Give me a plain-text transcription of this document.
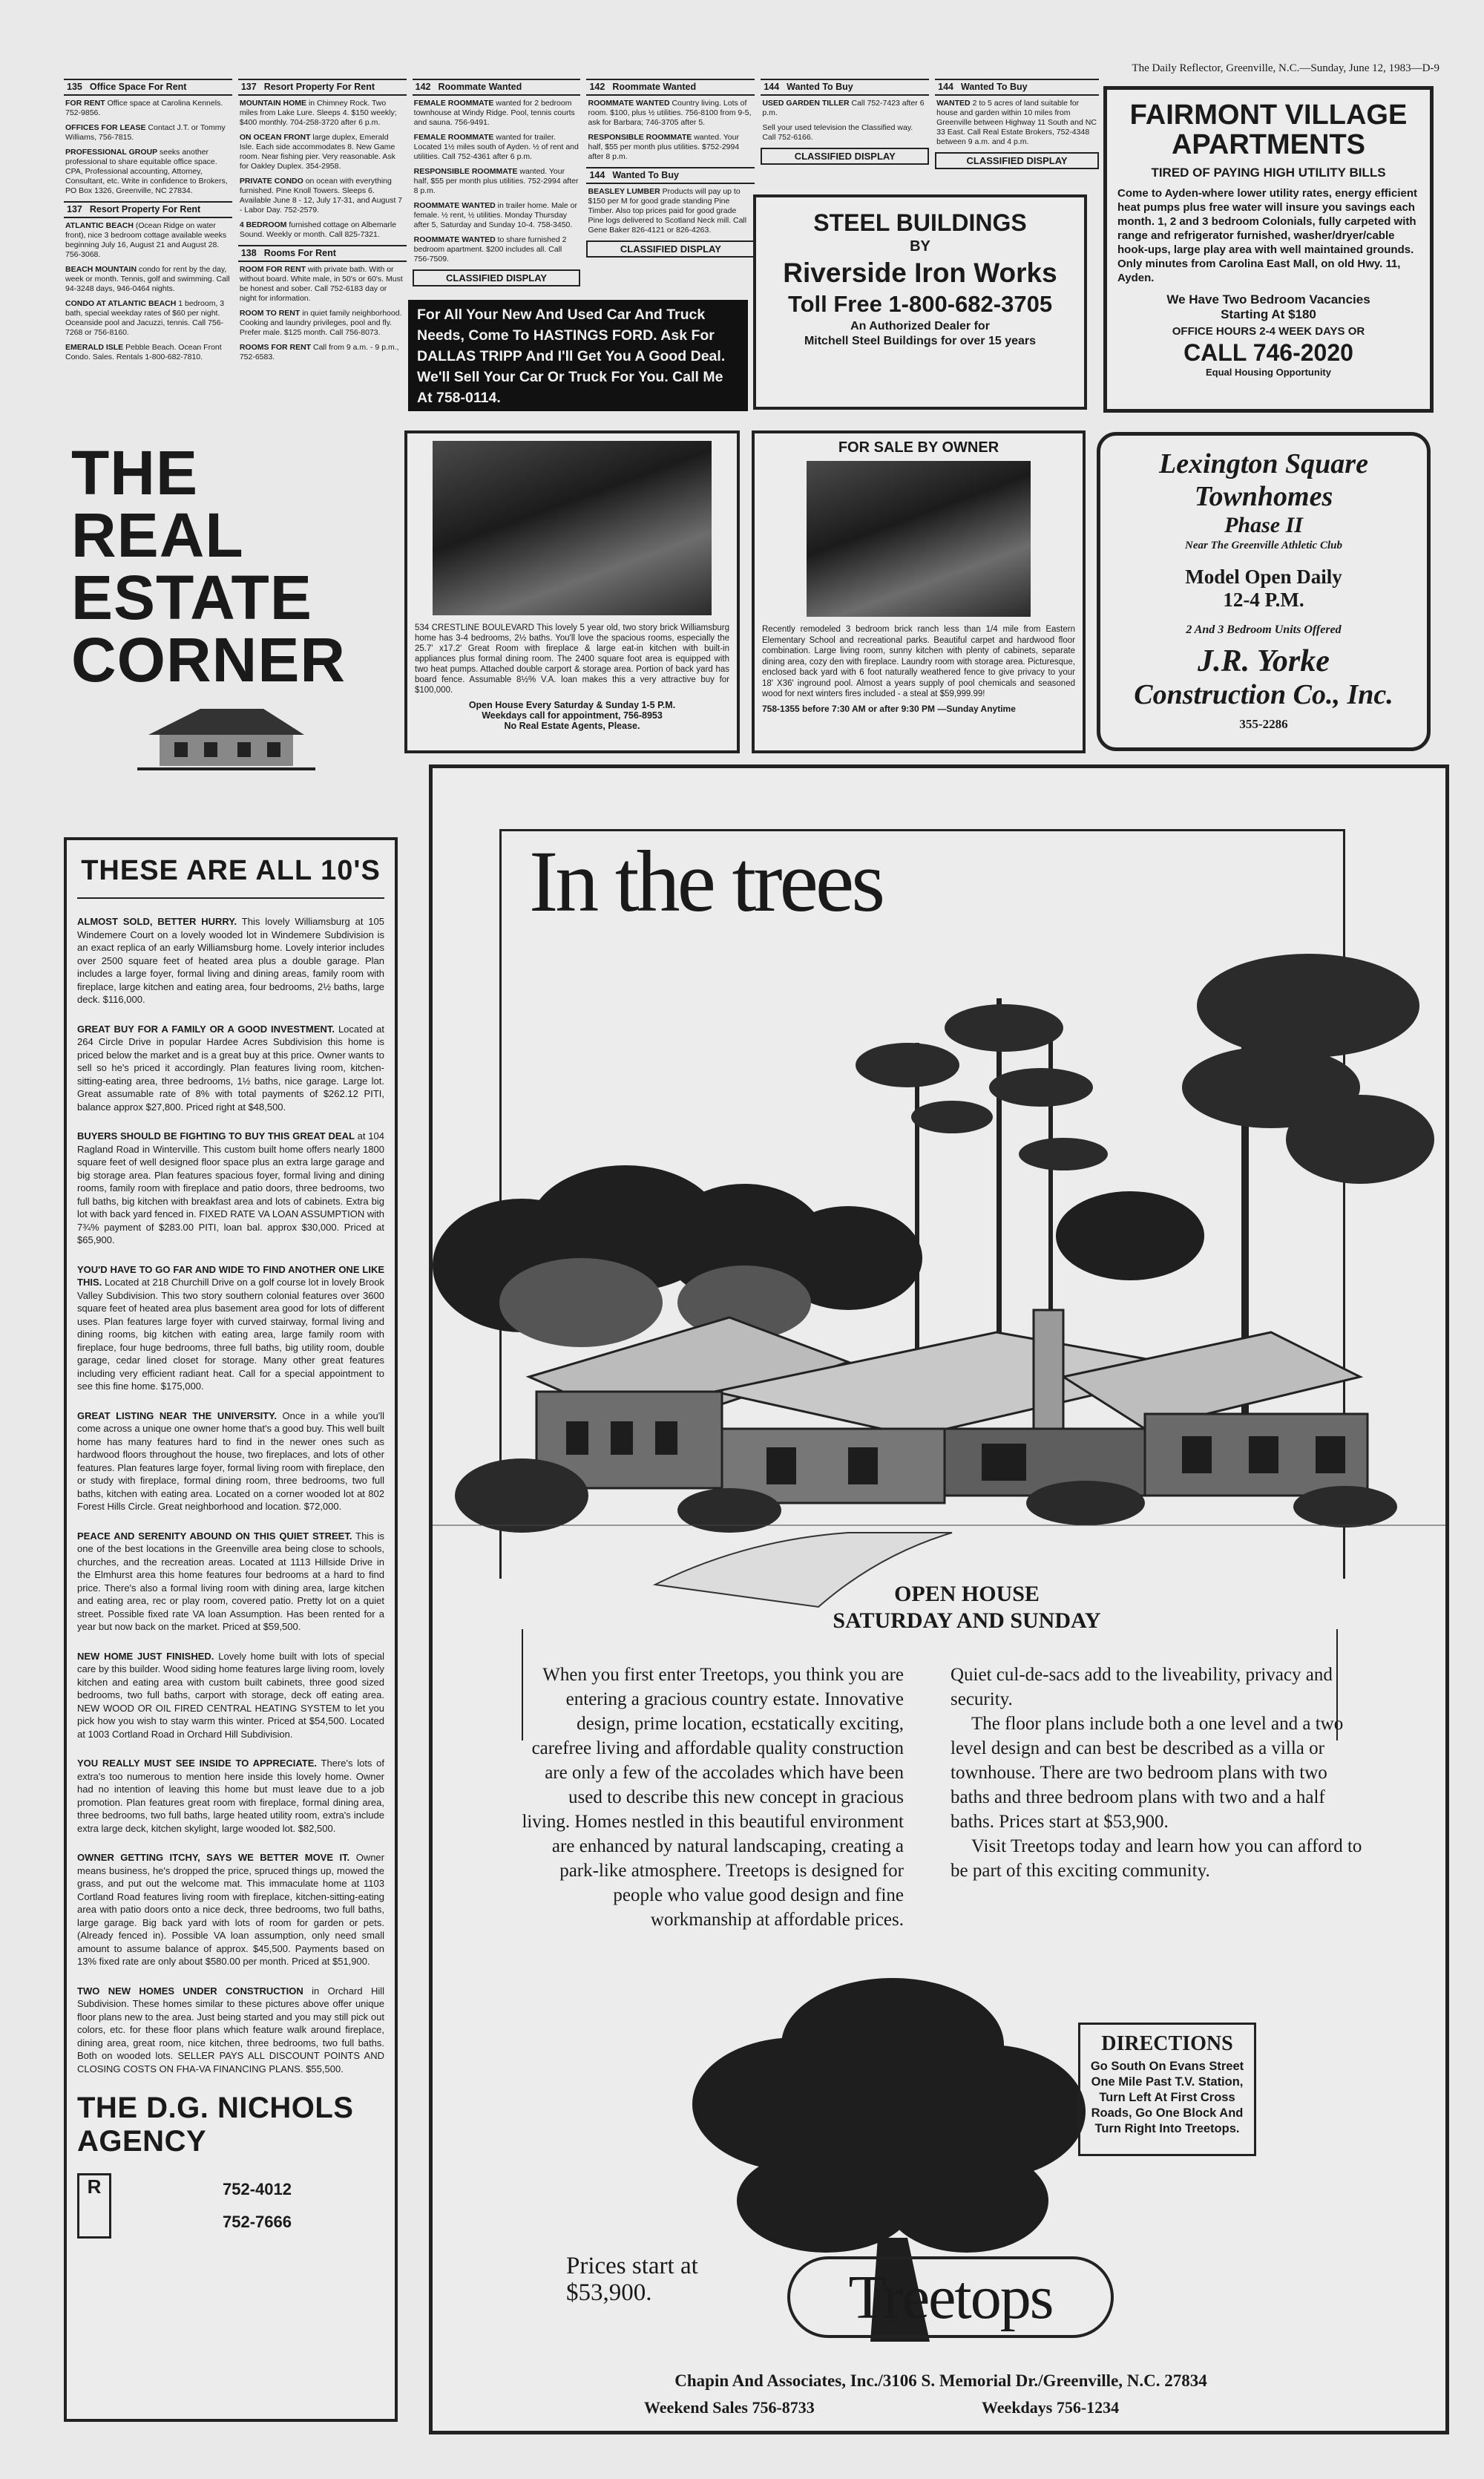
The Daily Reflector, Greenville, N.C.—Sunday, June 12, 1983—D-9
135 Office Space For Rent
FOR RENT Office space at Carolina Kennels. 752-9856.
OFFICES FOR LEASE Contact J.T. or Tommy Williams, 756-7815.
PROFESSIONAL GROUP seeks another professional to share equitable office space. CPA, Professional accounting, Attorney, Consultant, etc. Write in confidence to Brokers, PO Box 1326, Greenville, NC 27834.
137 Resort Property For Rent
ATLANTIC BEACH (Ocean Ridge on water front), nice 3 bedroom cottage available weeks beginning July 16, August 21 and August 28. 756-3068.
BEACH MOUNTAIN condo for rent by the day, week or month. Tennis, golf and swimming. Call 94-3248 days, 946-0464 nights.
CONDO AT ATLANTIC BEACH 1 bedroom, 3 bath, special weekday rates of $60 per night. Oceanside pool and Jacuzzi, tennis. Call 756-7268 or 756-8160.
EMERALD ISLE Pebble Beach. Ocean Front Condo. Sales. Rentals 1-800-682-7810.
137 Resort Property For Rent
MOUNTAIN HOME in Chimney Rock. Two miles from Lake Lure. Sleeps 4. $150 weekly; $400 monthly. 704-258-3720 after 6 p.m.
ON OCEAN FRONT large duplex, Emerald Isle. Each side accommodates 8. New Game room. Near fishing pier. Very reasonable. Ask for Oakley Duplex. 354-2958.
PRIVATE CONDO on ocean with everything furnished. Pine Knoll Towers. Sleeps 6. Available June 8 - 12, July 17-31, and August 7 - Labor Day. 752-2579.
4 BEDROOM furnished cottage on Albemarle Sound. Weekly or month. Call 825-7321.
138 Rooms For Rent
ROOM FOR RENT with private bath. With or without board. White male, in 50's or 60's. Must be honest and sober. Call 752-6183 day or night for information.
ROOM TO RENT in quiet family neighborhood. Cooking and laundry privileges, pool and fly. Prefer male. $125 month. Call 756-8073.
ROOMS FOR RENT Call from 9 a.m. - 9 p.m., 752-6583.
142 Roommate Wanted
FEMALE ROOMMATE wanted for 2 bedroom townhouse at Windy Ridge. Pool, tennis courts and sauna. 756-9491.
FEMALE ROOMMATE wanted for trailer. Located 1½ miles south of Ayden. ½ of rent and utilities. Call 752-4361 after 6 p.m.
RESPONSIBLE ROOMMATE wanted. Your half, $55 per month plus utilities. 752-2994 after 8 p.m.
ROOMMATE WANTED in trailer home. Male or female. ½ rent, ½ utilities. Monday Thursday after 5, Saturday and Sunday 10-4. 758-3450.
ROOMMATE WANTED to share furnished 2 bedroom apartment. $200 includes all. Call 756-7509.
CLASSIFIED DISPLAY
142 Roommate Wanted
ROOMMATE WANTED Country living. Lots of room. $100, plus ½ utilities. 756-8100 from 9-5, ask for Barbara; 746-3705 after 5.
RESPONSIBLE ROOMMATE wanted. Your half, $55 per month plus utilities. $752-2994 after 8 p.m.
144 Wanted To Buy
BEASLEY LUMBER Products will pay up to $150 per M for good grade standing Pine Timber. Also top prices paid for good grade Pine logs delivered to Scotland Neck mill. Call Gene Baker 826-4121 or 826-4263.
CLASSIFIED DISPLAY
144 Wanted To Buy
USED GARDEN TILLER Call 752-7423 after 6 p.m.
Sell your used television the Classified way. Call 752-6166.
CLASSIFIED DISPLAY
144 Wanted To Buy
WANTED 2 to 5 acres of land suitable for house and garden within 10 miles from Greenville between Highway 11 South and NC 33 East. Call Real Estate Brokers, 752-4348 between 9 a.m. and 4 p.m.
CLASSIFIED DISPLAY
FAIRMONT VILLAGE APARTMENTS
TIRED OF PAYING HIGH UTILITY BILLS
Come to Ayden-where lower utility rates, energy efficient heat pumps plus free water will insure you savings each month. 1, 2 and 3 bedroom Colonials, fully carpeted with range and refrigerator furnished, washer/dryer/cable hook-ups, large play area with well maintained grounds. Only minutes from Carolina East Mall, on old Hwy. 11, Ayden.
We Have Two Bedroom Vacancies
Starting At $180
OFFICE HOURS 2-4 WEEK DAYS OR
CALL 746-2020
Equal Housing Opportunity
THE REAL
ESTATE
CORNER	534 CRESTLINE BOULEVARD This lovely 5 year old, two story brick Williamsburg home has 3-4 bedrooms, 2½ baths. You'll love the spacious rooms, especially the 25.7' x17.2' Great Room with fireplace & large eat-in kitchen with built-in appliances plus formal dining room. The 2400 square foot area is equipped with two heat pumps. Attached double carport & storage area. Portion of back yard has board fence. Assumable 8½% V.A. loan makes this a very attractive buy for $100,000.
Open House Every Saturday & Sunday 1-5 P.M.
Weekdays call for appointment, 756-8953
No Real Estate Agents, Please.
FOR SALE BY OWNER
Recently remodeled 3 bedroom brick ranch less than 1/4 mile from Eastern Elementary School and recreational parks. Beautiful carpet and hardwood floor combination. Large living room, sunny kitchen with plenty of cabinets, separate dining area, cozy den with fireplace. Laundry room with storage area. Picturesque, enclosed back yard with 6 foot naturally weathered fence to give privacy to your 18' X36' inground pool. Almost a years supply of pool chemicals and seasoned wood for next winters fires included - a steal at $59,999.99!
758-1355 before 7:30 AM or after 9:30 PM —Sunday Anytime
Lexington Square
Townhomes
Phase II
Near The Greenville Athletic Club
Model Open Daily
12-4 P.M.
2 And 3 Bedroom Units Offered
J.R. Yorke
Construction Co., Inc.
355-2286
THESE ARE ALL 10'S
ALMOST SOLD, BETTER HURRY. This lovely Williamsburg at 105 Windemere Court on a lovely wooded lot in Windemere Subdivision is an exact replica of an early Williamsburg home. Lovely interior includes over 2500 square feet of heated area plus a double garage. Plan includes a large foyer, formal living and dining areas, family room with fireplace, large kitchen and eating area, four bedrooms, 2½ baths, large deck. $116,000.
GREAT BUY FOR A FAMILY OR A GOOD INVESTMENT. Located at 264 Circle Drive in popular Hardee Acres Subdivision this home is priced below the market and is a great buy at this price. Owner wants to sell so he's priced it accordingly. Plan features living room, kitchen-sitting-eating area, three bedrooms, 1½ baths, nice garage. Large lot. Great assumable rate of 8% with total payments of $262.12 PITI, balance approx $27,800. Priced right at $48,500.
BUYERS SHOULD BE FIGHTING TO BUY THIS GREAT DEAL at 104 Ragland Road in Winterville. This custom built home offers nearly 1800 square feet of well designed floor space plus an extra large garage and big storage area. Plan features spacious foyer, formal living and dining rooms, family room with fireplace and patio doors, three bedrooms, two full baths, big kitchen with breakfast area and lots of cabinets. Extra big lot with back yard fenced in. FIXED RATE VA LOAN ASSUMPTION with 7¾% payment of $283.00 PITI, loan bal. approx $30,000. Priced at $65,900.
YOU'D HAVE TO GO FAR AND WIDE TO FIND ANOTHER ONE LIKE THIS. Located at 218 Churchill Drive on a golf course lot in lovely Brook Valley Subdivision. This two story southern colonial features over 3600 square feet of heated area plus basement area good for lots of different uses. Plan features large foyer with curved stairway, formal living and dining rooms, big kitchen with eating area, large family room with fireplace, four huge bedrooms, three full baths, big utility room, double garage, cedar lined closet for storage. Many other great features including very efficient radiant heat. Call for a special appointment to see this fine home. $175,000.
GREAT LISTING NEAR THE UNIVERSITY. Once in a while you'll come across a unique one owner home that's a good buy. This well built home has many features hard to find in the newer ones such as hardwood floors throughout the house, two fireplaces, and lots of other features. Plan features large foyer, formal living room with fireplace, den or study with fireplace, formal dining room, three bedrooms, two full baths, kitchen with eating area. Located on a corner wooded lot at 802 Forest Hills Circle. Great neighborhood and location. $72,000.
PEACE AND SERENITY ABOUND ON THIS QUIET STREET. This is one of the best locations in the Greenville area being close to schools, churches, and the recreation areas. Located at 1113 Hillside Drive in the Elmhurst area this home features four bedrooms at a hard to find price. There's also a formal living room with dining area, large kitchen and eating area, rec or play room, covered patio. Pretty lot on a quiet street. Possible fixed rate VA loan Assumption. Has been rented for a year but now back on the market. Priced at $59,500.
NEW HOME JUST FINISHED. Lovely home built with lots of special care by this builder. Wood siding home features large living room, lovely kitchen and eating area with custom built cabinets, three good sized bedrooms, two full baths, carport with storage, deck off eating area. NEW WOOD OR OIL FIRED CENTRAL HEATING SYSTEM to let you pick how you wish to stay warm this winter. Priced at $54,500. Located at 1003 Cortland Road in Orchard Hill Subdivision.
YOU REALLY MUST SEE INSIDE TO APPRECIATE. There's lots of extra's too numerous to mention here inside this lovely home. Owner had no intention of leaving this home but must leave due to a job promotion. Plan features great room with fireplace, formal dining area, three bedrooms, two full baths, large heated utility room, extra's include extra large deck, kitchen skylight, large wooded lot. $82,500.
OWNER GETTING ITCHY, SAYS WE BETTER MOVE IT. Owner means business, he's dropped the price, spruced things up, mowed the grass, and put out the welcome mat. This immaculate home at 1103 Cortland Road features living room with fireplace, kitchen-sitting-eating area with patio doors onto a nice deck, three bedrooms, two full baths, large garage. Big back yard with lots of room for garden or pets. (Already fenced in). Possible VA loan assumption, only need small amount to assume balance of approx. $45,500. Payments based on 13% fixed rate are only about $580.00 per month. Priced at $51,900.
TWO NEW HOMES UNDER CONSTRUCTION in Orchard Hill Subdivision. These homes similar to these pictures above offer unique floor plans new to the area. Just being started and you may still pick out colors, etc. for these floor plans which feature walk around fireplace, dining area, great room, nice kitchen, three bedrooms, two full baths. Both on wooded lots. SELLER PAYS ALL DISCOUNT POINTS AND CLOSING COSTS ON FHA-VA FINANCING PLANS. $55,500.
THE D.G. NICHOLS AGENCY
R	752-4012
752-7666
In the trees
OPEN HOUSE
SATURDAY AND SUNDAY
When you first enter Treetops, you think you are entering a gracious country estate. Innovative design, prime location, ecstatically exciting, carefree living and affordable quality construction are only a few of the accolades which have been used to describe this new concept in gracious living. Homes nestled in this beautiful environment are enhanced by natural landscaping, creating a park-like atmosphere. Treetops is designed for people who value good design and fine workmanship at affordable prices.
Quiet cul-de-sacs add to the liveability, privacy and security.
The floor plans include both a one level and a two level design and can best be described as a villa or townhouse. There are two bedroom plans with two baths and three bedroom plans with two and a half baths. Prices start at $53,900.
Visit Treetops today and learn how you can afford to be part of this exciting community.
DIRECTIONS
Go South On Evans Street One Mile Past T.V. Station, Turn Left At First Cross Roads, Go One Block And Turn Right Into Treetops.
Prices start at
$53,900.	Treetops
Chapin And Associates, Inc./3106 S. Memorial Dr./Greenville, N.C. 27834
Weekend Sales 756-8733	Weekdays 756-1234
For All Your New And Used Car And Truck Needs, Come To HASTINGS FORD. Ask For DALLAS TRIPP And I'll Get You A Good Deal. We'll Sell Your Car Or Truck For You. Call Me At 758-0114.
STEEL BUILDINGS
BY
Riverside Iron Works
Toll Free 1-800-682-3705
An Authorized Dealer for
Mitchell Steel Buildings for over 15 years
